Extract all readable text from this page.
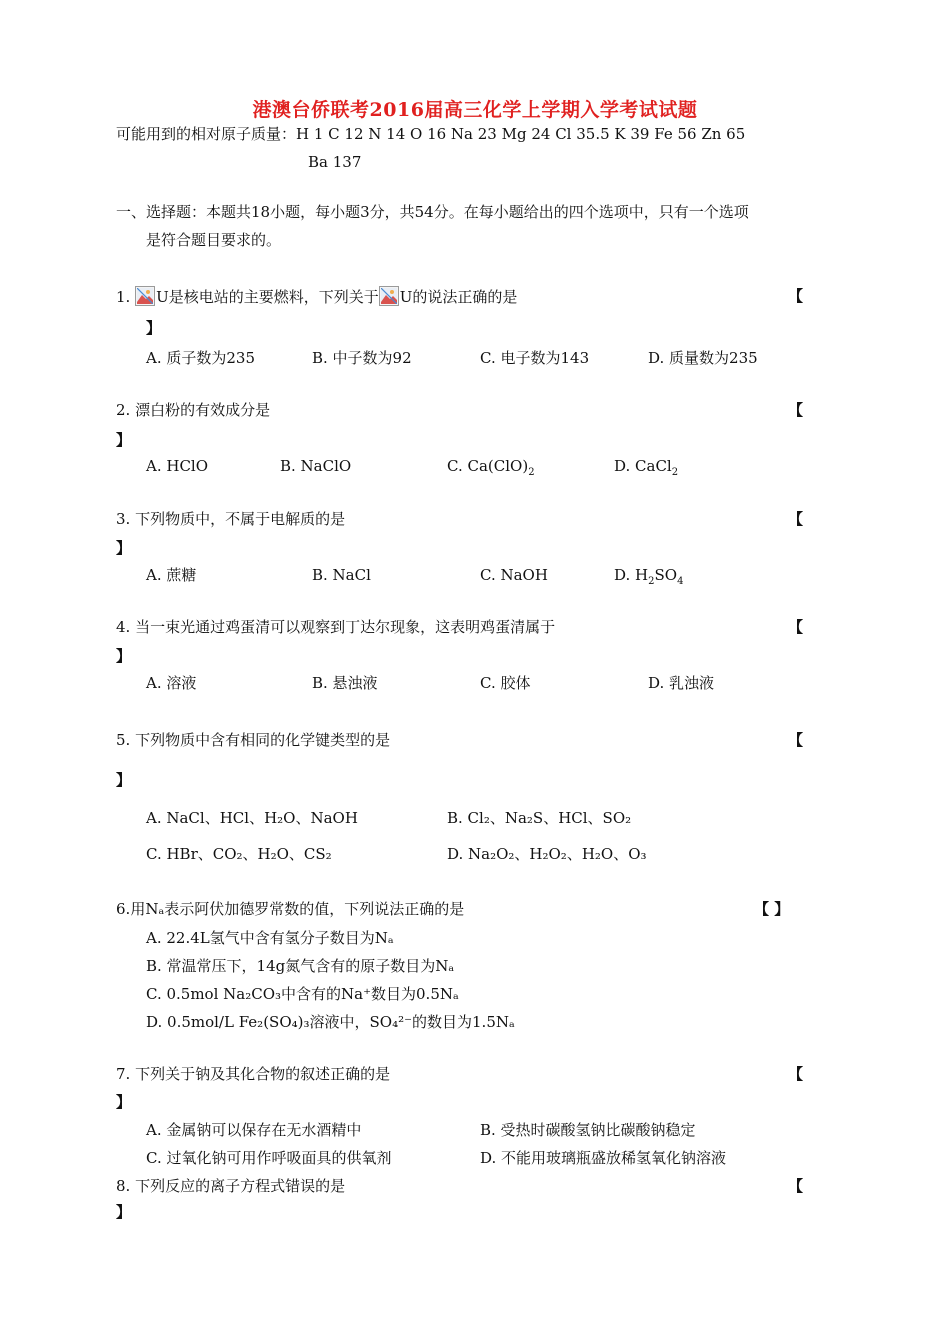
港澳台侨联考2016届高三化学上学期入学考试试题
可能用到的相对原子质量：H 1 C 12 N 14 O 16 Na 23 Mg 24 Cl 35.5 K 39 Fe 56 Zn 65
Ba 137
一、选择题：本题共18小题，每小题3分，共54分。在每小题给出的四个选项中，只有一个选项
是符合题目要求的。
1. U是核电站的主要燃料，下列关于 U的说法正确的是	【
】
A. 质子数为235	B. 中子数为92	C. 电子数为143	D. 质量数为235
2. 漂白粉的有效成分是	【
】
A. HClO	B. NaClO	C. $Ca(ClO)_2$	D. CaCl$_2$
3. 下列物质中，不属于电解质的是	【
】
A. 蔗糖	B. NaCl	C. NaOH	D. $H_2SO_4$
4. 当一束光通过鸡蛋清可以观察到丁达尔现象，这表明鸡蛋清属于	【
】
A. 溶液	B. 悬浊液	C. 胶体	D. 乳浊液
5. 下列物质中含有相同的化学键类型的是	【
】
A. NaCl、HCl、H₂O、NaOH	B. Cl₂、Na₂S、HCl、SO₂
C. HBr、CO₂、H₂O、CS₂	D. Na₂O₂、H₂O₂、H₂O、O₃
6.用Nₐ表示阿伏加德罗常数的值，下列说法正确的是	【 】
A. 22.4L氢气中含有氢分子数目为Nₐ
B. 常温常压下，14g氮气含有的原子数目为Nₐ
C. 0.5mol Na₂CO₃中含有的Na⁺数目为0.5Nₐ
D. 0.5mol/L Fe₂(SO₄)₃溶液中，SO₄²⁻的数目为1.5Nₐ
7. 下列关于钠及其化合物的叙述正确的是	【
】
A. 金属钠可以保存在无水酒精中	B. 受热时碳酸氢钠比碳酸钠稳定
C. 过氧化钠可用作呼吸面具的供氧剂	D. 不能用玻璃瓶盛放稀氢氧化钠溶液
8. 下列反应的离子方程式错误的是	【
】
